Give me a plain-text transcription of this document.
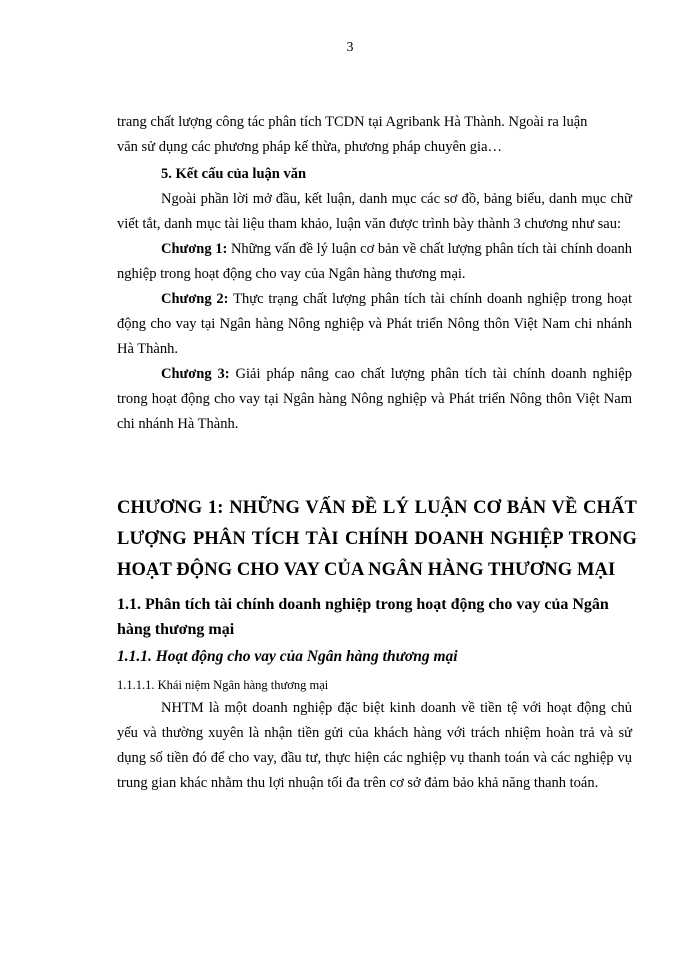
3

trang chất lượng công tác phân tích TCDN tại Agribank Hà Thành. Ngoài ra luận

văn sử dụng các phương pháp kế thừa, phương pháp chuyên gia…

5. Kết cấu của luận văn

Ngoài phần lời mở đầu, kết luận, danh mục các sơ đồ, bảng biểu, danh mục chữ viết tắt, danh mục tài liệu tham khảo, luận văn được trình bày thành 3 chương như sau:

Chương 1: Những vấn đề lý luận cơ bản về chất lượng phân tích tài chính doanh nghiệp trong hoạt động cho vay của Ngân hàng thương mại.

Chương 2: Thực trạng chất lượng phân tích tài chính doanh nghiệp trong hoạt động cho vay tại Ngân hàng Nông nghiệp và Phát triển Nông thôn Việt Nam chi nhánh Hà Thành.

Chương 3: Giải pháp nâng cao chất lượng phân tích tài chính doanh nghiệp trong hoạt động cho vay tại Ngân hàng Nông nghiệp và Phát triển Nông thôn Việt Nam chi nhánh Hà Thành.

CHƯƠNG 1: NHỮNG VẤN ĐỀ LÝ LUẬN CƠ BẢN VỀ CHẤT LƯỢNG PHÂN TÍCH TÀI CHÍNH DOANH NGHIỆP TRONG HOẠT ĐỘNG CHO VAY CỦA NGÂN HÀNG THƯƠNG MẠI
1.1. Phân tích tài chính doanh nghiệp trong hoạt động cho vay của Ngân hàng thương mại
1.1.1. Hoạt động cho vay của Ngân hàng thương mại
1.1.1.1. Khái niệm Ngân hàng thương mại

NHTM là một doanh nghiệp đặc biệt kinh doanh về tiền tệ với hoạt động chủ yếu và thường xuyên là nhận tiền gửi của khách hàng với trách nhiệm hoàn trả và sử dụng số tiền đó để cho vay, đầu tư, thực hiện các nghiệp vụ thanh toán và các nghiệp vụ trung gian khác nhằm thu lợi nhuận tối đa trên cơ sở đảm bảo khả năng thanh toán.
